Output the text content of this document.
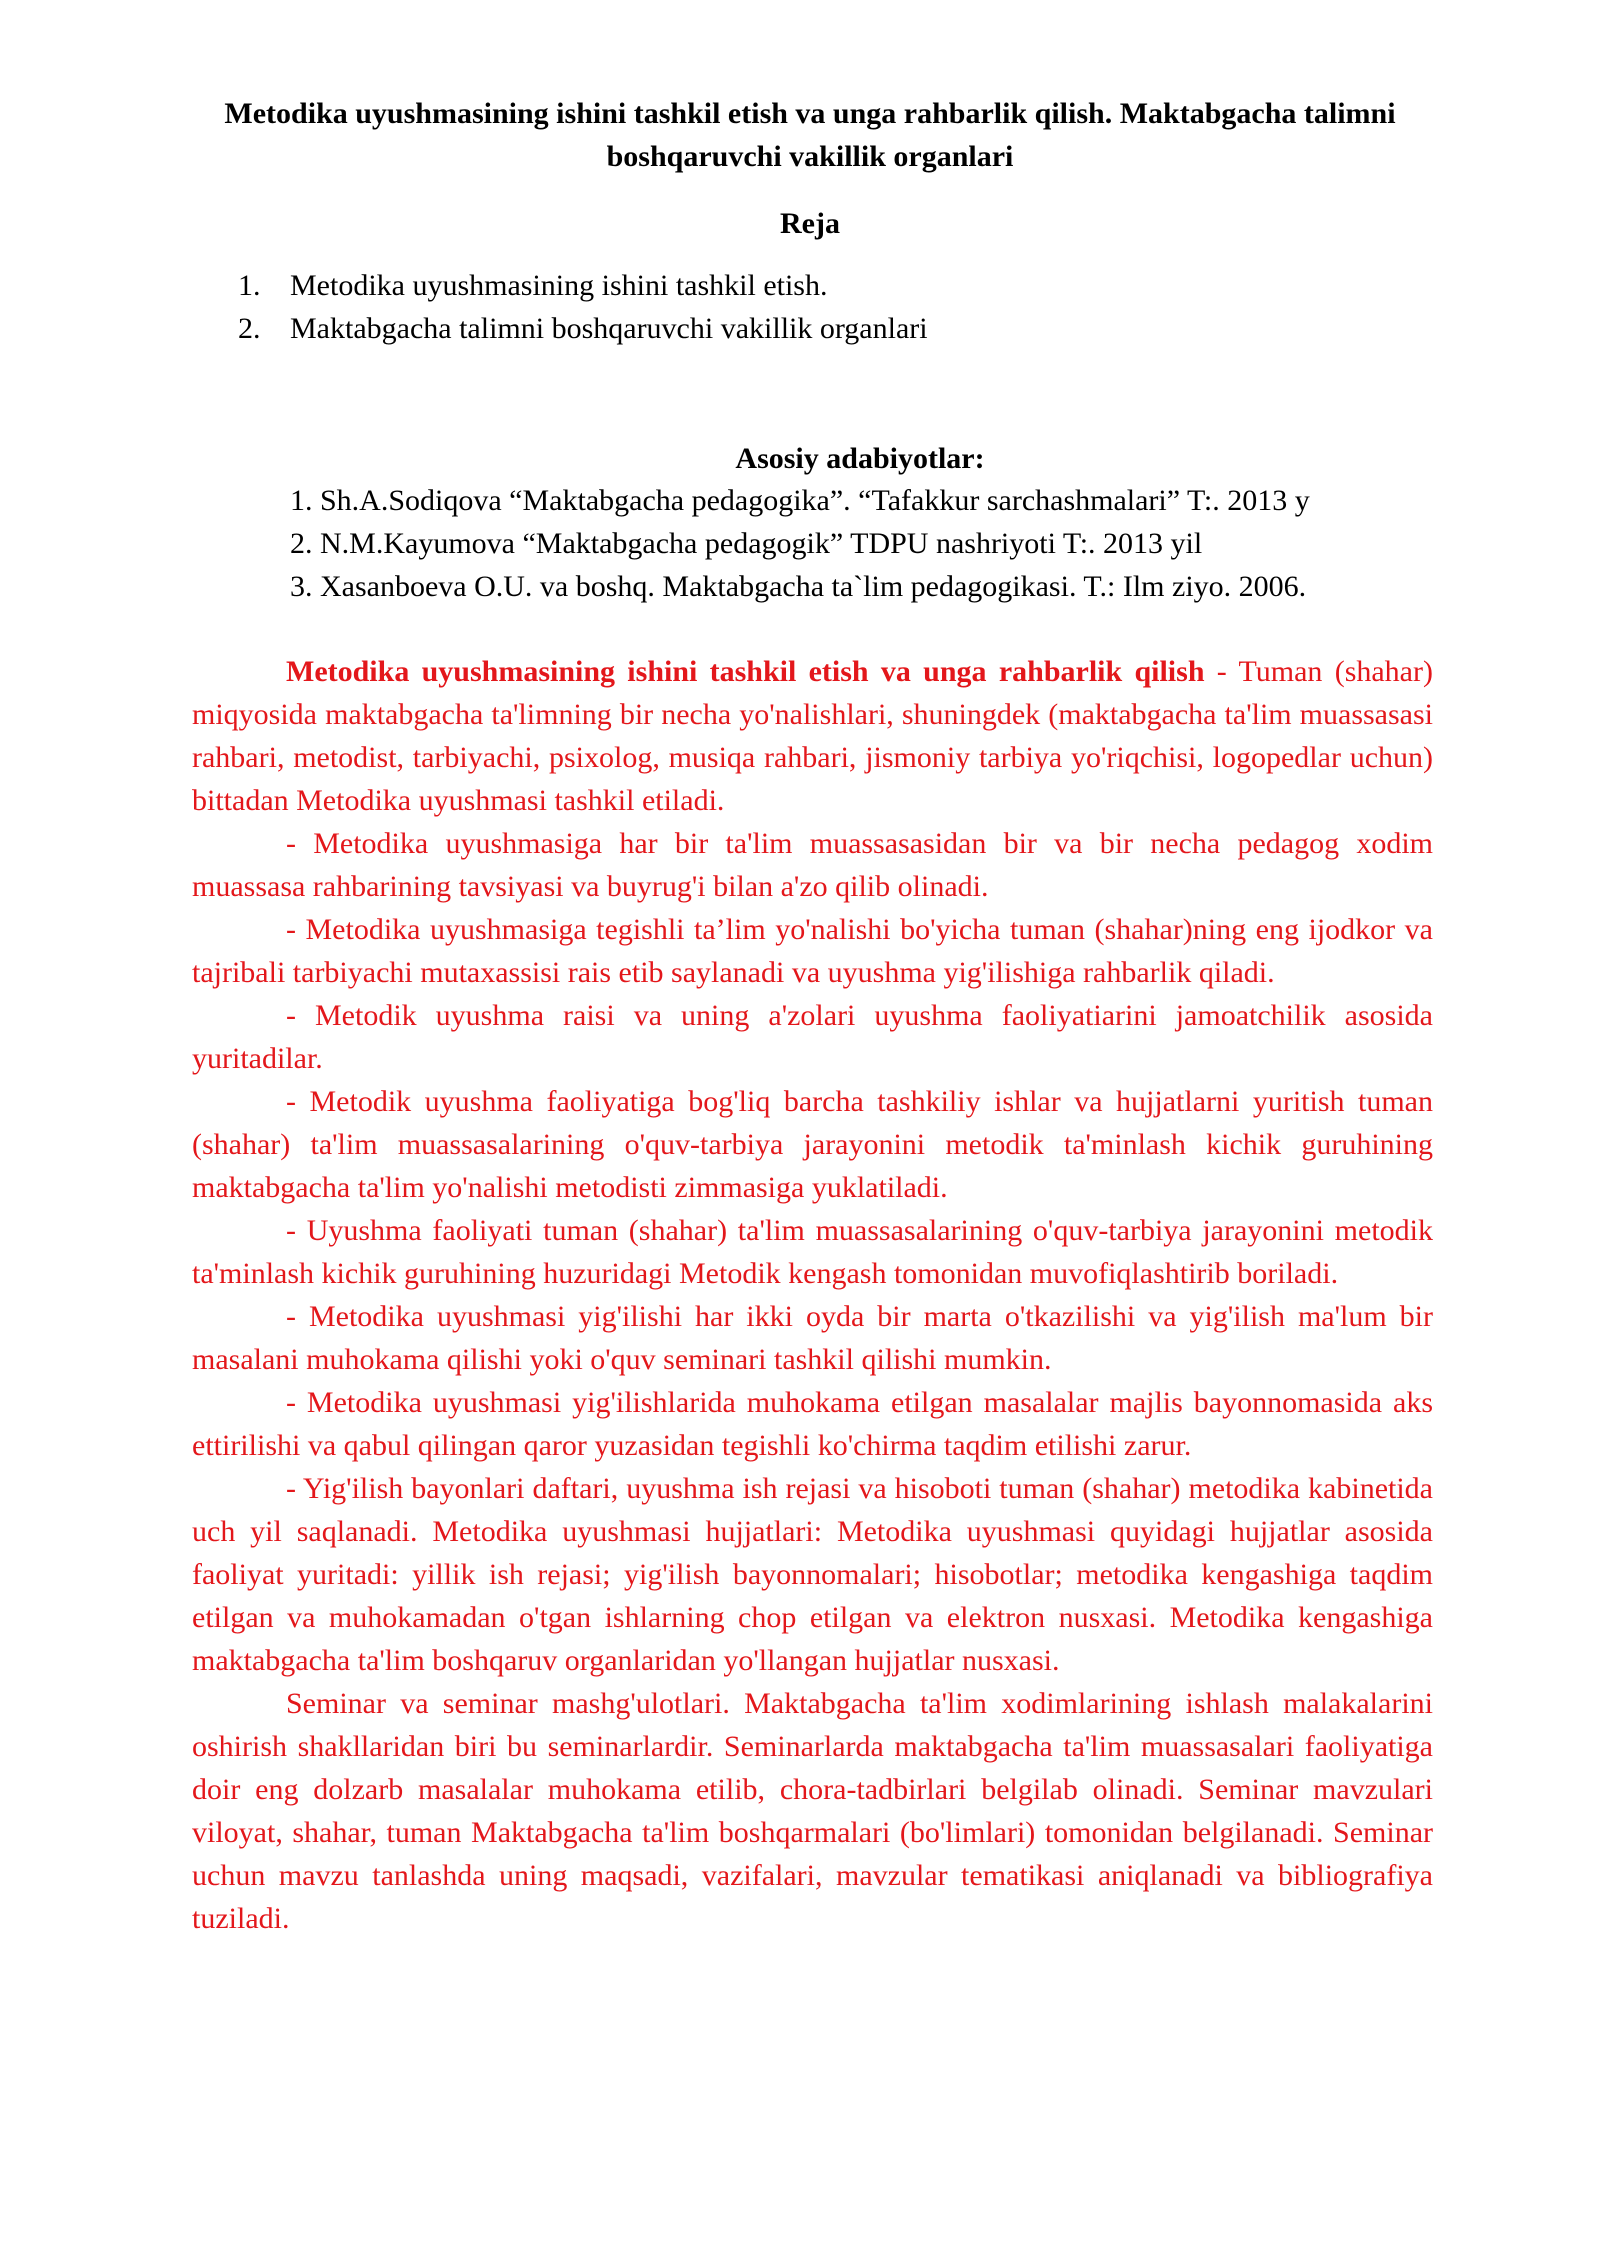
Metodika uyushmasining ishini tashkil etish va unga rahbarlik qilish. Maktabgacha talimni boshqaruvchi vakillik organlari
Reja
1. Metodika uyushmasining ishini tashkil etish.
2. Maktabgacha talimni boshqaruvchi vakillik organlari
Asosiy adabiyotlar:
1. Sh.A.Sodiqova “Maktabgacha pedagogika”. “Tafakkur sarchashmalari” T:. 2013 y
2. N.M.Kayumova “Maktabgacha pedagogik” TDPU nashriyoti T:. 2013 yil
3. Xasanboeva O.U. va boshq. Maktabgacha ta`lim pedagogikasi. T.: Ilm ziyo. 2006.

Metodika uyushmasining ishini tashkil etish va unga rahbarlik qilish - Tuman (shahar) miqyosida maktabgacha ta'limning bir necha yo'nalishlari, shuningdek (maktabgacha ta'lim muassasasi rahbari, metodist, tarbiyachi, psixolog, musiqa rahbari, jismoniy tarbiya yo'riqchisi, logopedlar uchun) bittadan Metodika uyushmasi tashkil etiladi.

- Metodika uyushmasiga har bir ta'lim muassasasidan bir va bir necha pedagog xodim muassasa rahbarining tavsiyasi va buyrug'i bilan a'zo qilib olinadi.

- Metodika uyushmasiga tegishli ta’lim yo'nalishi bo'yicha tuman (shahar)ning eng ijodkor va tajribali tarbiyachi mutaxassisi rais etib saylanadi va uyushma yig'ilishiga rahbarlik qiladi.

- Metodik uyushma raisi va uning a'zolari uyushma faoliyatiarini jamoatchilik asosida yuritadilar.

- Metodik uyushma faoliyatiga bog'liq barcha tashkiliy ishlar va hujjatlarni yuritish tuman (shahar) ta'lim muassasalarining o'quv-tarbiya jarayonini metodik ta'minlash kichik guruhining maktabgacha ta'lim yo'nalishi metodisti zimmasiga yuklatiladi.

- Uyushma faoliyati tuman (shahar) ta'lim muassasalarining o'quv-tarbiya jarayonini metodik ta'minlash kichik guruhining huzuridagi Metodik kengash tomonidan muvofiqlashtirib boriladi.

- Metodika uyushmasi yig'ilishi har ikki oyda bir marta o'tkazilishi va yig'ilish ma'lum bir masalani muhokama qilishi yoki o'quv seminari tashkil qilishi mumkin.

- Metodika uyushmasi yig'ilishlarida muhokama etilgan masalalar majlis bayonnomasida aks ettirilishi va qabul qilingan qaror yuzasidan tegishli ko'chirma taqdim etilishi zarur.

- Yig'ilish bayonlari daftari, uyushma ish rejasi va hisoboti tuman (shahar) metodika kabinetida uch yil saqlanadi. Metodika uyushmasi hujjatlari: Metodika uyushmasi quyidagi hujjatlar asosida faoliyat yuritadi: yillik ish rejasi; yig'ilish bayonnomalari; hisobotlar; metodika kengashiga taqdim etilgan va muhokamadan o'tgan ishlarning chop etilgan va elektron nusxasi. Metodika kengashiga maktabgacha ta'lim boshqaruv organlaridan yo'llangan hujjatlar nusxasi.

Seminar va seminar mashg'ulotlari. Maktabgacha ta'lim xodimlarining ishlash malakalarini oshirish shakllaridan biri bu seminarlardir. Seminarlarda maktabgacha ta'lim muassasalari faoliyatiga doir eng dolzarb masalalar muhokama etilib, chora-tadbirlari belgilab olinadi. Seminar mavzulari viloyat, shahar, tuman Maktabgacha ta'lim boshqarmalari (bo'limlari) tomonidan belgilanadi. Seminar uchun mavzu tanlashda uning maqsadi, vazifalari, mavzular tematikasi aniqlanadi va bibliografiya tuziladi.
